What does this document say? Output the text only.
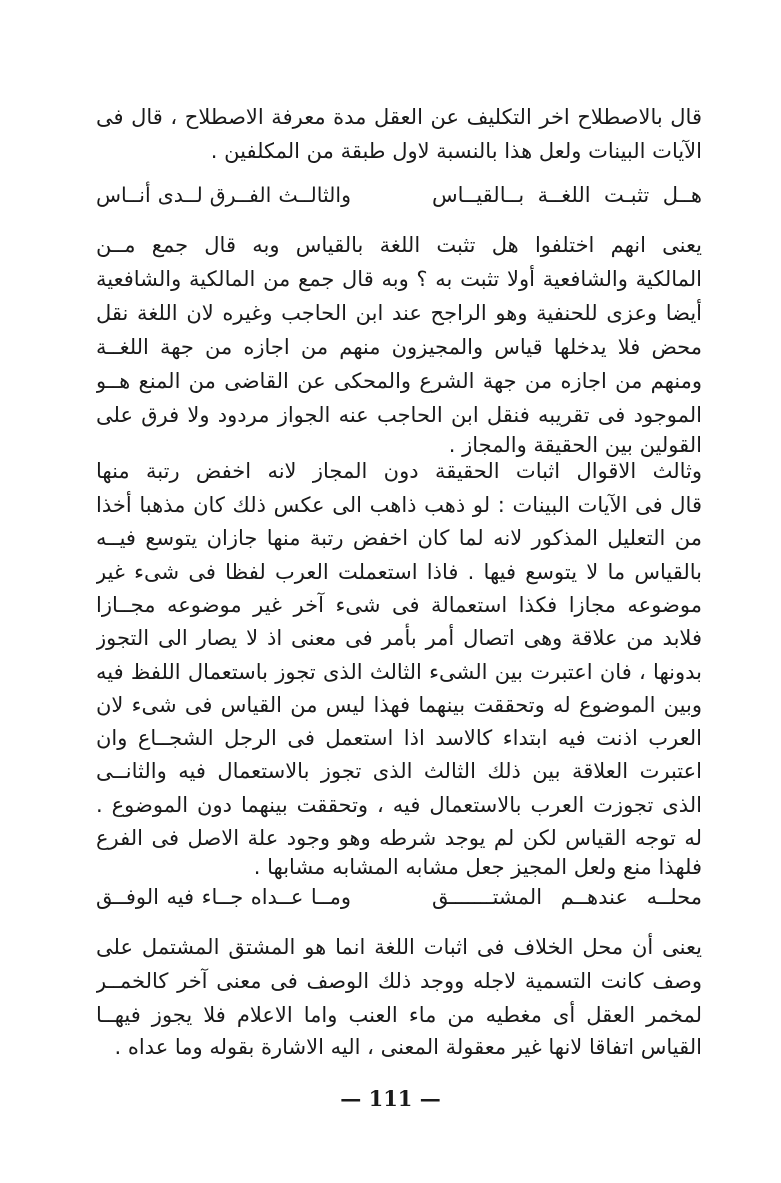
قال بالاصطلاح اخر التكليف عن العقل مدة معرفة الاصطلاح ، قال فى
الآيات البينات ولعل هذا بالنسبة لاول طبقة من المكلفين .
هــل تثبـت اللغــة بــالقيــاس
والثالــث الفــرق لــدى أنــاس
يعنى انهم اختلفوا هل تثبت اللغة بالقياس وبه قال جمع مــن
المالكية والشافعية أولا تثبت به ؟ وبه قال جمع من المالكية والشافعية
أيضا وعزى للحنفية وهو الراجح عند ابن الحاجب وغيره لان اللغة نقل
محض فلا يدخلها قياس والمجيزون منهم من اجازه من جهة اللغــة
ومنهم من اجازه من جهة الشرع والمحكى عن القاضى من المنع هــو
الموجود فى تقريبه فنقل ابن الحاجب عنه الجواز مردود ولا فرق على
القولين بين الحقيقة والمجاز .
وثالث الاقوال اثبات الحقيقة دون المجاز لانه اخفض رتبة منها
قال فى الآيات البينات : لو ذهب ذاهب الى عكس ذلك كان مذهبا أخذا
من التعليل المذكور لانه لما كان اخفض رتبة منها جازان يتوسع فيــه
بالقياس ما لا يتوسع فيها . فاذا استعملت العرب لفظا فى شىء غير
موضوعه مجازا فكذا استعمالة فى شىء آخر غير موضوعه مجــازا
فلابد من علاقة وهى اتصال أمر بأمر فى معنى اذ لا يصار الى التجوز
بدونها ، فان اعتبرت بين الشىء الثالث الذى تجوز باستعمال اللفظ فيه
وبين الموضوع له وتحققت بينهما فهذا ليس من القياس فى شىء لان
العرب اذنت فيه ابتداء كالاسد اذا استعمل فى الرجل الشجــاع وان
اعتبرت العلاقة بين ذلك الثالث الذى تجوز بالاستعمال فيه والثانــى
الذى تجوزت العرب بالاستعمال فيه ، وتحققت بينهما دون الموضوع .
له توجه القياس لكن لم يوجد شرطه وهو وجود علة الاصل فى الفرع
فلهذا منع ولعل المجيز جعل مشابه المشابه مشابها .
محلــه عندهــم المشتـــــــق
ومــا عــداه جــاء فيه الوفــق
يعنى أن محل الخلاف فى اثبات اللغة انما هو المشتق المشتمل على
وصف كانت التسمية لاجله ووجد ذلك الوصف فى معنى آخر كالخمــر
لمخمر العقل أى مغطيه من ماء العنب واما الاعلام فلا يجوز فيهــا
القياس اتفاقا لانها غير معقولة المعنى ، اليه الاشارة بقوله وما عداه .
— 111 —
